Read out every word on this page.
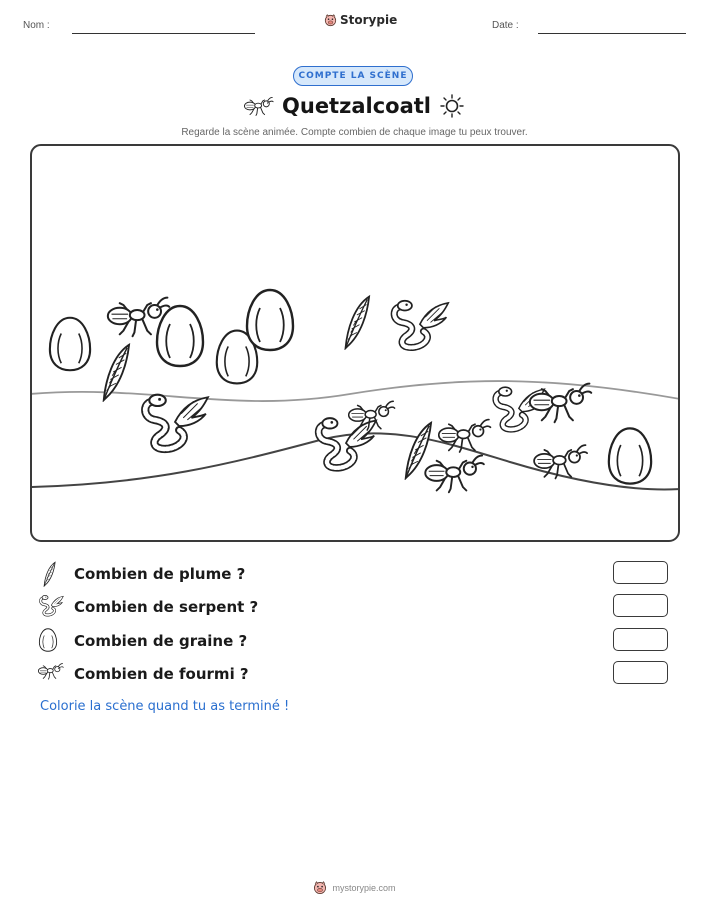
Nom :	Storypie	Date :
COMPTE LA SCÈNE
Quetzalcoatl
Regarde la scène animée. Compte combien de chaque image tu peux trouver.
Combien de plume ?
Combien de serpent ?
Combien de graine ?
Combien de fourmi ?
Colorie la scène quand tu as terminé !
mystorypie.com
